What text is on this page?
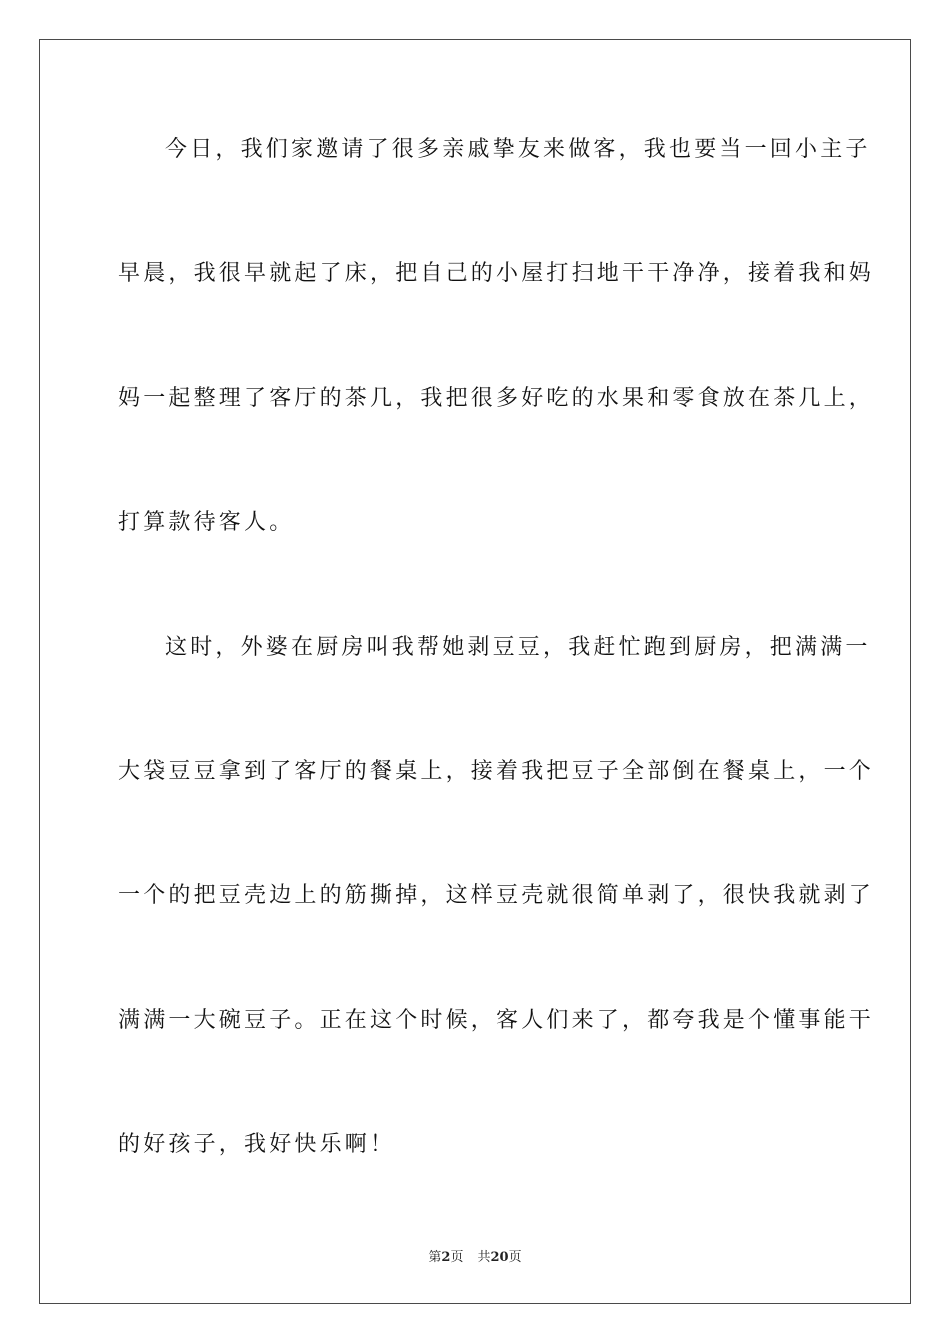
今日，我们家邀请了很多亲戚挚友来做客，我也要当一回小主子
早晨，我很早就起了床，把自己的小屋打扫地干干净净，接着我和妈
妈一起整理了客厅的茶几，我把很多好吃的水果和零食放在茶几上，
打算款待客人。
这时，外婆在厨房叫我帮她剥豆豆，我赶忙跑到厨房，把满满一
大袋豆豆拿到了客厅的餐桌上，接着我把豆子全部倒在餐桌上，一个
一个的把豆壳边上的筋撕掉，这样豆壳就很简单剥了，很快我就剥了
满满一大碗豆子。正在这个时候，客人们来了，都夸我是个懂事能干
的好孩子，我好快乐啊！
第2页 共20页
